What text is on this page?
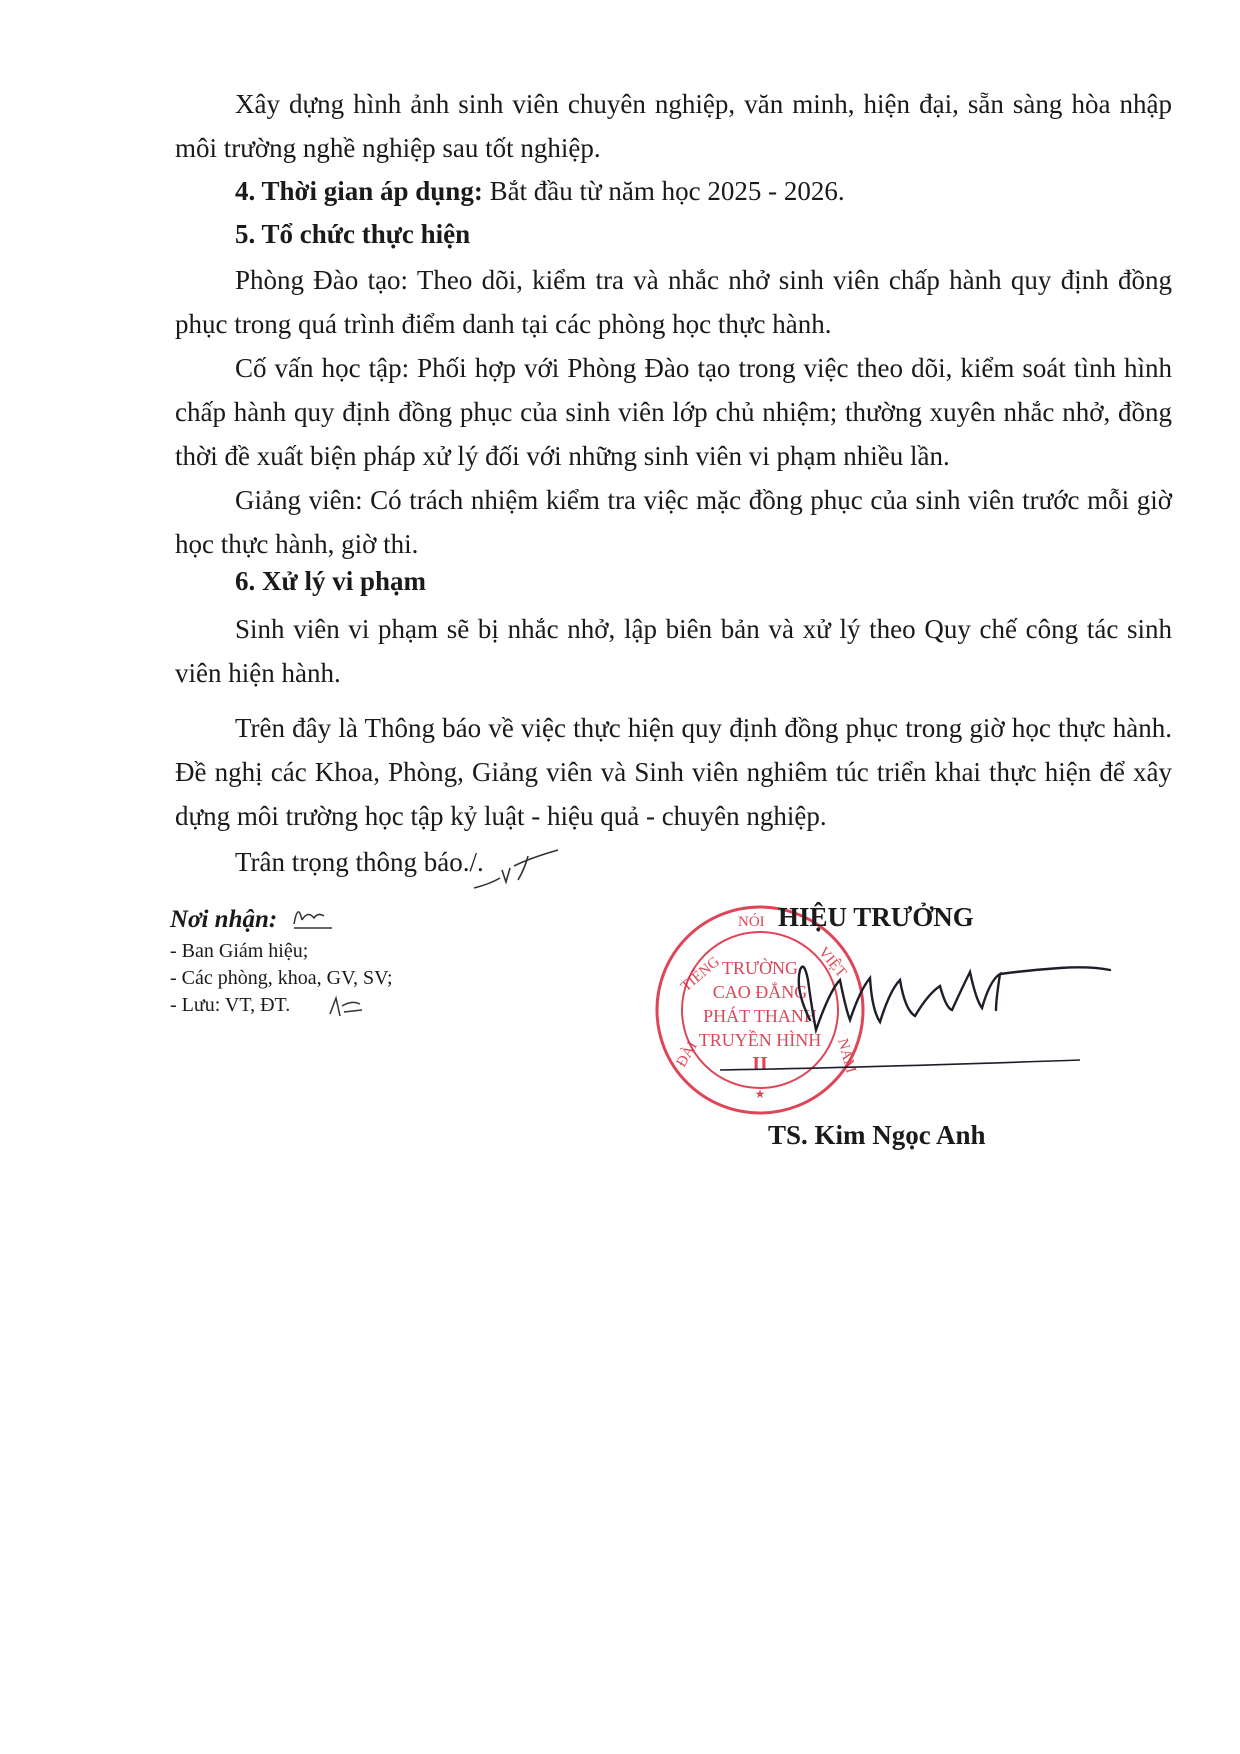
Xây dựng hình ảnh sinh viên chuyên nghiệp, văn minh, hiện đại, sẵn sàng hòa nhập môi trường nghề nghiệp sau tốt nghiệp.

4. Thời gian áp dụng: Bắt đầu từ năm học 2025 - 2026.

5. Tổ chức thực hiện

Phòng Đào tạo: Theo dõi, kiểm tra và nhắc nhở sinh viên chấp hành quy định đồng phục trong quá trình điểm danh tại các phòng học thực hành.

Cố vấn học tập: Phối hợp với Phòng Đào tạo trong việc theo dõi, kiểm soát tình hình chấp hành quy định đồng phục của sinh viên lớp chủ nhiệm; thường xuyên nhắc nhở, đồng thời đề xuất biện pháp xử lý đối với những sinh viên vi phạm nhiều lần.

Giảng viên: Có trách nhiệm kiểm tra việc mặc đồng phục của sinh viên trước mỗi giờ học thực hành, giờ thi.

6. Xử lý vi phạm

Sinh viên vi phạm sẽ bị nhắc nhở, lập biên bản và xử lý theo Quy chế công tác sinh viên hiện hành.

Trên đây là Thông báo về việc thực hiện quy định đồng phục trong giờ học thực hành. Đề nghị các Khoa, Phòng, Giảng viên và Sinh viên nghiêm túc triển khai thực hiện để xây dựng môi trường học tập kỷ luật - hiệu quả - chuyên nghiệp.

Trân trọng thông báo./.

Nơi nhận:

- Ban Giám hiệu;

- Các phòng, khoa, GV, SV;

- Lưu: VT, ĐT.

ĐÀI
TIẾNG
NÓI
VIỆT
NAM
TRƯỜNG
CAO ĐẲNG
PHÁT THANH
TRUYỀN HÌNH
II
★
HIỆU TRƯỞNG
TS. Kim Ngọc Anh
